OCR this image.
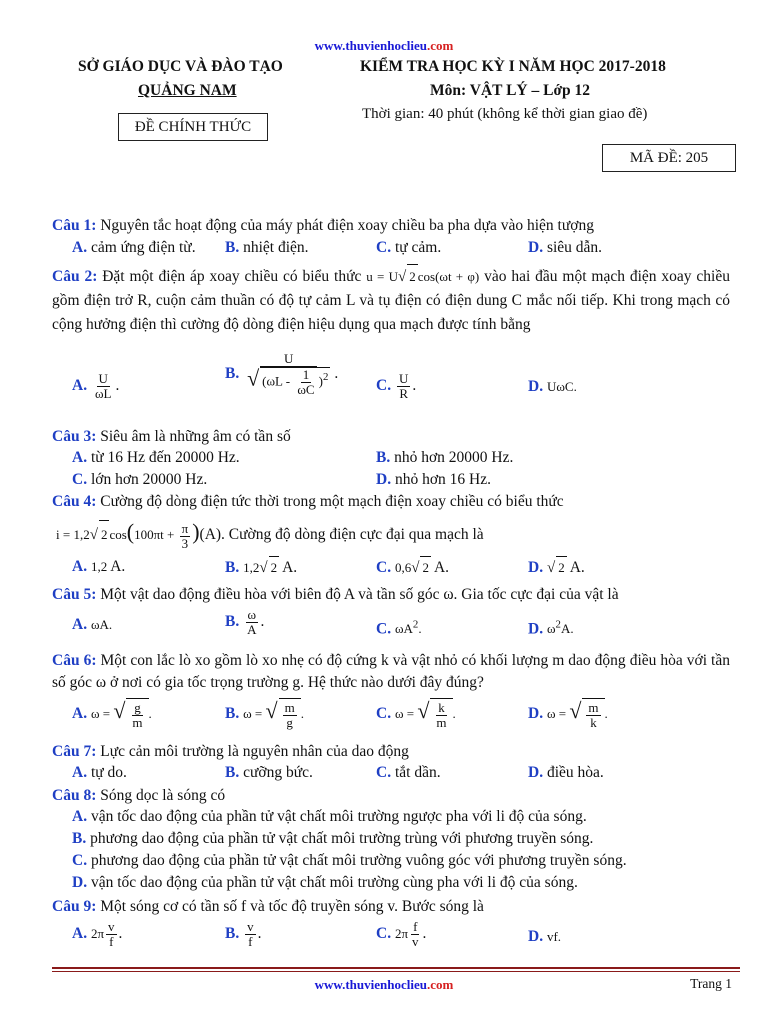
www.thuvienhoclieu.com
SỞ GIÁO DỤC VÀ ĐÀO TẠO
QUẢNG NAM
ĐỀ CHÍNH THỨC
KIỂM TRA HỌC KỲ I NĂM HỌC 2017-2018
Môn: VẬT LÝ – Lớp 12
Thời gian: 40 phút (không kể thời gian giao đề)
MÃ ĐỀ: 205
Câu 1: Nguyên tắc hoạt động của máy phát điện xoay chiều ba pha dựa vào hiện tượng
A. cảm ứng điện từ. B. nhiệt điện.	C. tự cảm.	D. siêu dẫn.
Câu 2: Đặt một điện áp xoay chiều có biểu thức u = U√ 2 cos(ωt + φ) vào hai đầu một mạch điện xoay chiều gồm điện trở R, cuộn cảm thuần có độ tự cảm L và tụ điện có điện dung C mắc nối tiếp. Khi trong mạch có cộng hưởng điện thì cường độ dòng điện hiệu dụng qua mạch được tính bằng
A. $\frac{U}{\omega L}$ .
B. $\frac{U}{√ (\omega L - \frac{1}{\omega C} )^2}$ .
C. $\frac{U}{R}$ .	D. UωC.
Câu 3: Siêu âm là những âm có tần số
A. từ 16 Hz đến 20000 Hz.	B. nhỏ hơn 20000 Hz.
C. lớn hơn 20000 Hz.	D. nhỏ hơn 16 Hz.
Câu 4: Cường độ dòng điện tức thời trong một mạch điện xoay chiều có biểu thức
i = 1,2√ 2 $\cos(100\pi t + \frac{\pi}{3} )(A)$. Cường độ dòng điện cực đại qua mạch là
A. 1,2 A.	B. 1,2√ 2 A.	C. 0,6√ 2 A.	D. √ 2 A.
Câu 5: Một vật dao động điều hòa với biên độ A và tần số góc ω. Gia tốc cực đại của vật là
A. ωA.	B. $\frac{\omega}{A}$ .	C. $\omega A^2$.	D. $\omega^2A$.
Câu 6: Một con lắc lò xo gồm lò xo nhẹ có độ cứng k và vật nhỏ có khối lượng m dao động điều hòa với tần số góc ω ở nơi có gia tốc trọng trường g. Hệ thức nào dưới đây đúng?
A. ω = √ $\frac{g}{m}$ .	B. ω = √ $\frac{m}{g}$ .	C. ω = √ $\frac{k}{m}$ .	D. ω = √ $\frac{m}{k}$ .
Câu 7: Lực cản môi trường là nguyên nhân của dao động
A. tự do.	B. cưỡng bức.	C. tắt dần.	D. điều hòa.
Câu 8: Sóng dọc là sóng có
A. vận tốc dao động của phần tử vật chất môi trường ngược pha với li độ của sóng.
B. phương dao động của phần tử vật chất môi trường trùng với phương truyền sóng.
C. phương dao động của phần tử vật chất môi trường vuông góc với phương truyền sóng.
D. vận tốc dao động của phần tử vật chất môi trường cùng pha với li độ của sóng.
Câu 9: Một sóng cơ có tần số f và tốc độ truyền sóng v. Bước sóng là
A. $2\pi \frac{v}{f}$ .	B. $\frac{v}{f}$ .	C. $2\pi \frac{f}{v}$ .	D. vf.
www.thuvienhoclieu.com	Trang 1
